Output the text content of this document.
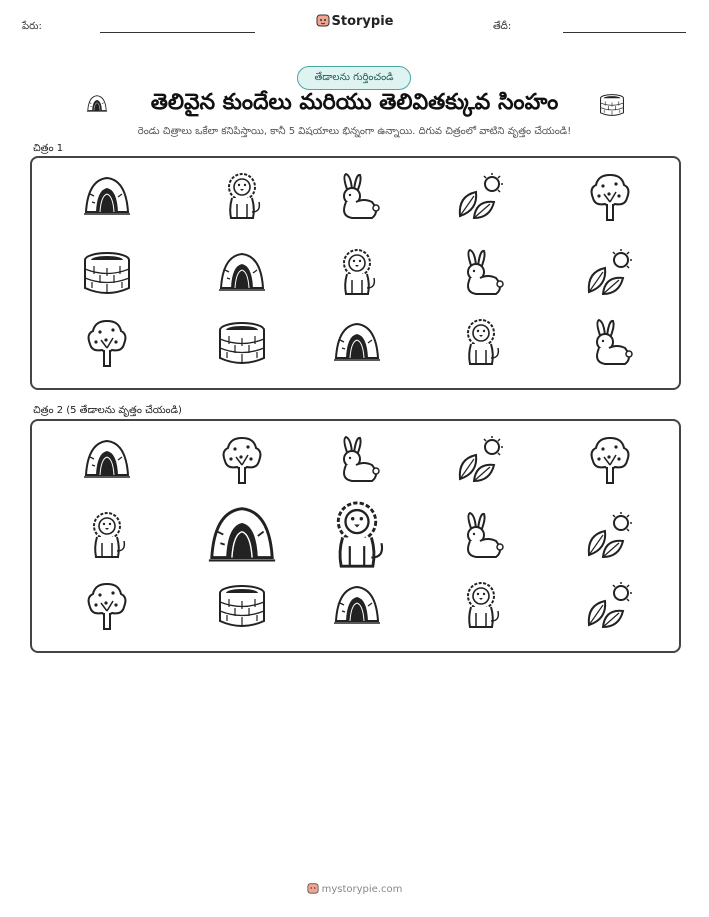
పేరు:	Storypie	తేదీ:
తేడాలను గుర్తించండి
తెలివైన కుందేలు మరియు తెలివితక్కువ సింహం
రెండు చిత్రాలు ఒకేలా కనిపిస్తాయి, కానీ 5 విషయాలు భిన్నంగా ఉన్నాయి. దిగువ చిత్రంలో వాటిని వృత్తం చేయండి!
చిత్రం 1
చిత్రం 2 (5 తేడాలను వృత్తం చేయండి)
mystorypie.com
